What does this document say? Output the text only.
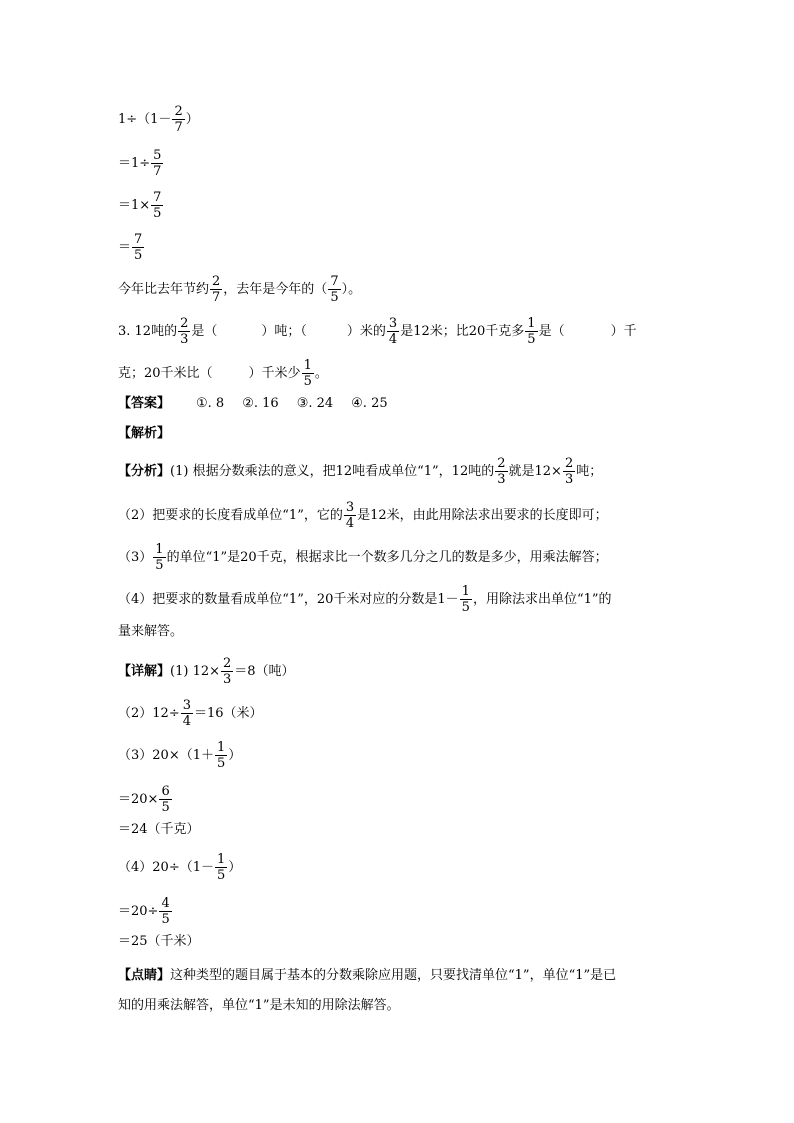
$1\div(1- \frac{2}{7}$ ）
$=1\div \frac{5}{7}$
$=1\times \frac{7}{5}$
＝ $\frac{7}{5}$
今年比去年节约 $\frac{2}{7}$ ，去年是今年的（ $\frac{7}{5}$ ）。
3. 12吨的 $\frac{2}{3}$ 是（	）吨；（	）米的 $\frac{3}{4}$ 是12米；比20千克多 $\frac{1}{5}$ 是（	）千
克；20千米比（	）千米少 $\frac{1}{5}$ 。
【答案】 ①. 8 ②. 16 ③. 24 ④. 25
【解析】
【分析】(1) 根据分数乘法的意义，把12吨看成单位“1”，12吨的 $\frac{2}{3}$ 就是$12\times \frac{2}{3}$ 吨；
（2）把要求的长度看成单位“1”，它的 $\frac{3}{4}$ 是12米，由此用除法求出要求的长度即可；
$(3) \frac{1}{5}$ 的单位“1”是20千克，根据求比一个数多几分之几的数是多少，用乘法解答；
（4）把要求的数量看成单位“1”，20千米对应的分数是$1- \frac{1}{5}$ ，用除法求出单位“1”的
量来解答。
【详解】(1) $12\times \frac{2}{3} =8$（吨）
$(2)12\div \frac{3}{4} =16$（米）
$(3)20\times(1+ \frac{1}{5}$ ）
$=20\times \frac{6}{5}$
＝24（千克）
$(4)20\div(1- \frac{1}{5}$ ）
$=20\div \frac{4}{5}$
＝25（千米）
【点睛】这种类型的题目属于基本的分数乘除应用题，只要找清单位“1”，单位“1”是已
知的用乘法解答，单位“1”是未知的用除法解答。
